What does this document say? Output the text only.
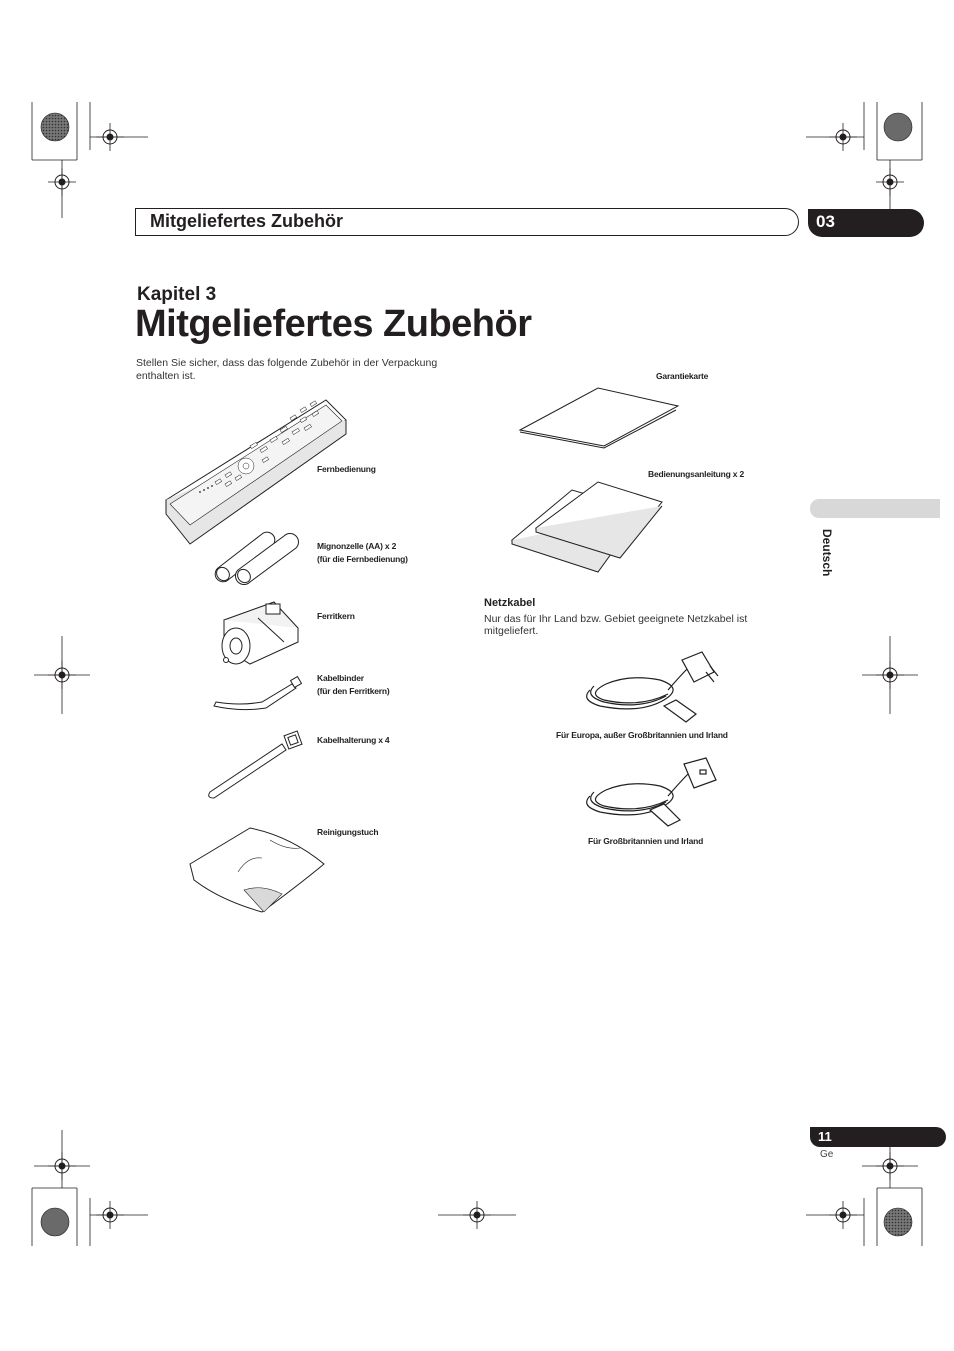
Mitgeliefertes Zubehör	03
Kapitel 3
Mitgeliefertes Zubehör
Stellen Sie sicher, dass das folgende Zubehör in der Verpackung enthalten ist.
Fernbedienung
Mignonzelle (AA) x 2
(für die Fernbedienung)
Ferritkern
Kabelbinder
(für den Ferritkern)
Kabelhalterung x 4
Reinigungstuch
Garantiekarte
Bedienungsanleitung x 2
Netzkabel
Nur das für Ihr Land bzw. Gebiet geeignete Netzkabel ist mitgeliefert.
Für Europa, außer Großbritannien und Irland
Für Großbritannien und Irland
Deutsch
11
Ge
